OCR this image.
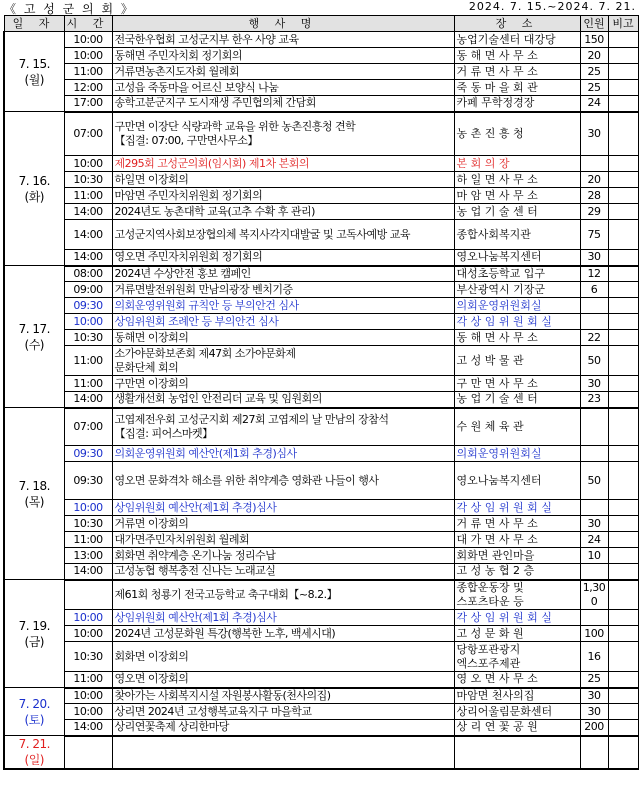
《 고 성 군 의 회 》	2024. 7. 15.~2024. 7. 21.
일 자	시 간	행 사 명	장 소	인원	비고
7. 15.
(월)	10:00	전국한우협회 고성군지부 한우 사양 교육	농업기술센터 대강당	150	
	10:00	동해면 주민자치회 정기회의	동 해 면 사 무 소	20	
	11:00	거류면농촌지도자회 월례회	거 류 면 사 무 소	25	
	12:00	고성읍 죽동마을 어르신 보양식 나눔	죽 동 마 을 회 관	25	
	17:00	송학고분군지구 도시재생 주민협의체 간담회	카페 무학정경장	24	
7. 16.
(화)	07:00	구만면 이장단 식량과학 교육을 위한 농촌진흥청 견학
【집결: 07:00, 구만면사무소】	농 촌 진 흥 청	30	
	10:00	제295회 고성군의회(임시회) 제1차 본회의	본 회 의 장		
	10:30	하일면 이장회의	하 일 면 사 무 소	20	
	11:00	마암면 주민자치위원회 정기회의	마 암 면 사 무 소	28	
	14:00	2024년도 농촌대학 교육(고추 수확 후 관리)	농 업 기 술 센 터	29	
	14:00	고성군지역사회보장협의체 복지사각지대발굴 및 고독사예방 교육	종합사회복지관	75	
	14:00	영오면 주민자치위원회 정기회의	영오나눔복지센터	30	
7. 17.
(수)	08:00	2024년 수상안전 홍보 캠페인	대성초등학교 입구	12	
	09:00	거류면발전위원회 만남의광장 벤치기증	부산광역시 기장군	6	
	09:30	의회운영위원회 규칙안 등 부의안건 심사	의회운영위원회실		
	10:00	상임위원회 조례안 등 부의안건 심사	각 상 임 위 원 회 실		
	10:30	동해면 이장회의	동 해 면 사 무 소	22	
	11:00	소가야문화보존회 제47회 소가야문화제
문화단체 회의	고 성 박 물 관	50	
	11:00	구만면 이장회의	구 만 면 사 무 소	30	
	14:00	생활개선회 농업인 안전리더 교육 및 임원회의	농 업 기 술 센 터	23	
7. 18.
(목)	07:00	고엽제전우회 고성군지회 제27회 고엽제의 날 만남의 장참석
【집결: 피어스마켓】	수 원 체 육 관		
	09:30	의회운영위원회 예산안(제1회 추경)심사	의회운영위원회실		
	09:30	영오면 문화격차 해소를 위한 취약계층 영화관 나들이 행사	영오나눔복지센터	50	
	10:00	상임위원회 예산안(제1회 추경)심사	각 상 임 위 원 회 실		
	10:30	거류면 이장회의	거 류 면 사 무 소	30	
	11:00	대가면주민자치위원회 월례회	대 가 면 사 무 소	24	
	13:00	회화면 취약계층 온기나눔 정리수납	회화면 관인마을	10	
	14:00	고성농협 행복충전 신나는 노래교실	고 성 농 협 2 층		
7. 19.
(금)		제61회 청룡기 전국고등학교 축구대회【~8.2.】	종합운동장 및
스포츠타운 등	1,30
0	
	10:00	상임위원회 예산안(제1회 추경)심사	각 상 임 위 원 회 실		
	10:00	2024년 고성문화원 특강(행복한 노후, 백세시대)	고 성 문 화 원	100	
	10:30	회화면 이장회의	당항포관광지
엑스포주제관	16	
	11:00	영오면 이장회의	영 오 면 사 무 소	25	
7. 20.
(토)	10:00	찾아가는 사회복지시설 자원봉사활동(천사의집)	마암면 천사의집	30	
	10:00	상리면 2024년 고성행복교육지구 마을학교	상리어울림문화센터	30	
	14:00	상리연꽃축제 상리한마당	상 리 연 꽃 공 원	200	
7. 21.
(일)					
